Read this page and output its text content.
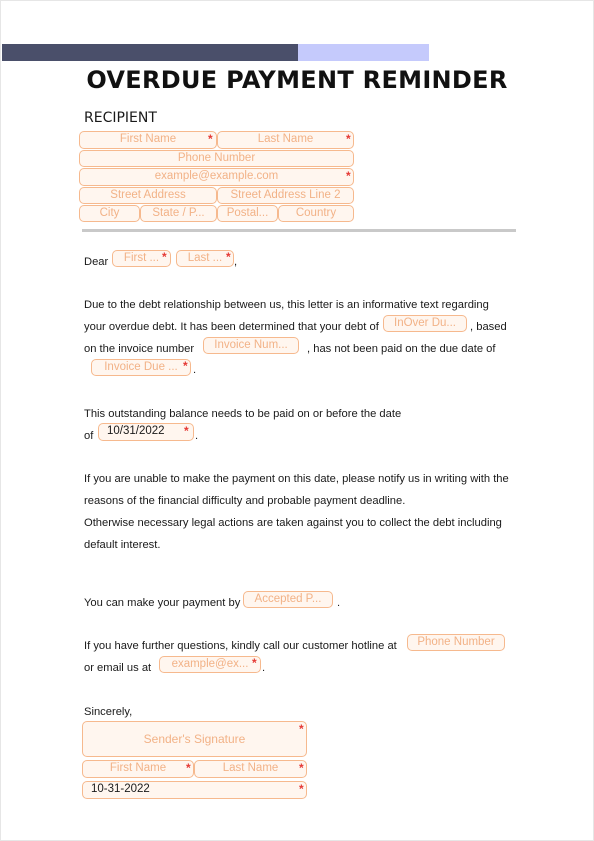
OVERDUE PAYMENT REMINDER
RECIPIENT
First Name	*	Last Name	*
Phone Number
example@example.com	*
Street Address	Street Address Line 2
City	State / P...	Postal...	Country
Dear	First ... *	Last ... * ,
Due to the debt relationship between us, this letter is an informative text regarding
your overdue debt. It has been determined that your debt of	InOver Du...	, based
on the invoice number	Invoice Num...	, has not been paid on the due date of
Invoice Due ... * .
This outstanding balance needs to be paid on or before the date
of	10/31/2022	* .
If you are unable to make the payment on this date, please notify us in writing with the
reasons of the financial difficulty and probable payment deadline.
Otherwise necessary legal actions are taken against you to collect the debt including
default interest.
You can make your payment by	Accepted P...	.
If you have further questions, kindly call our customer hotline at	Phone Number
or email us at	example@ex... * .
Sincerely,
Sender's Signature
*
First Name	*	Last Name	*
10-31-2022	*
